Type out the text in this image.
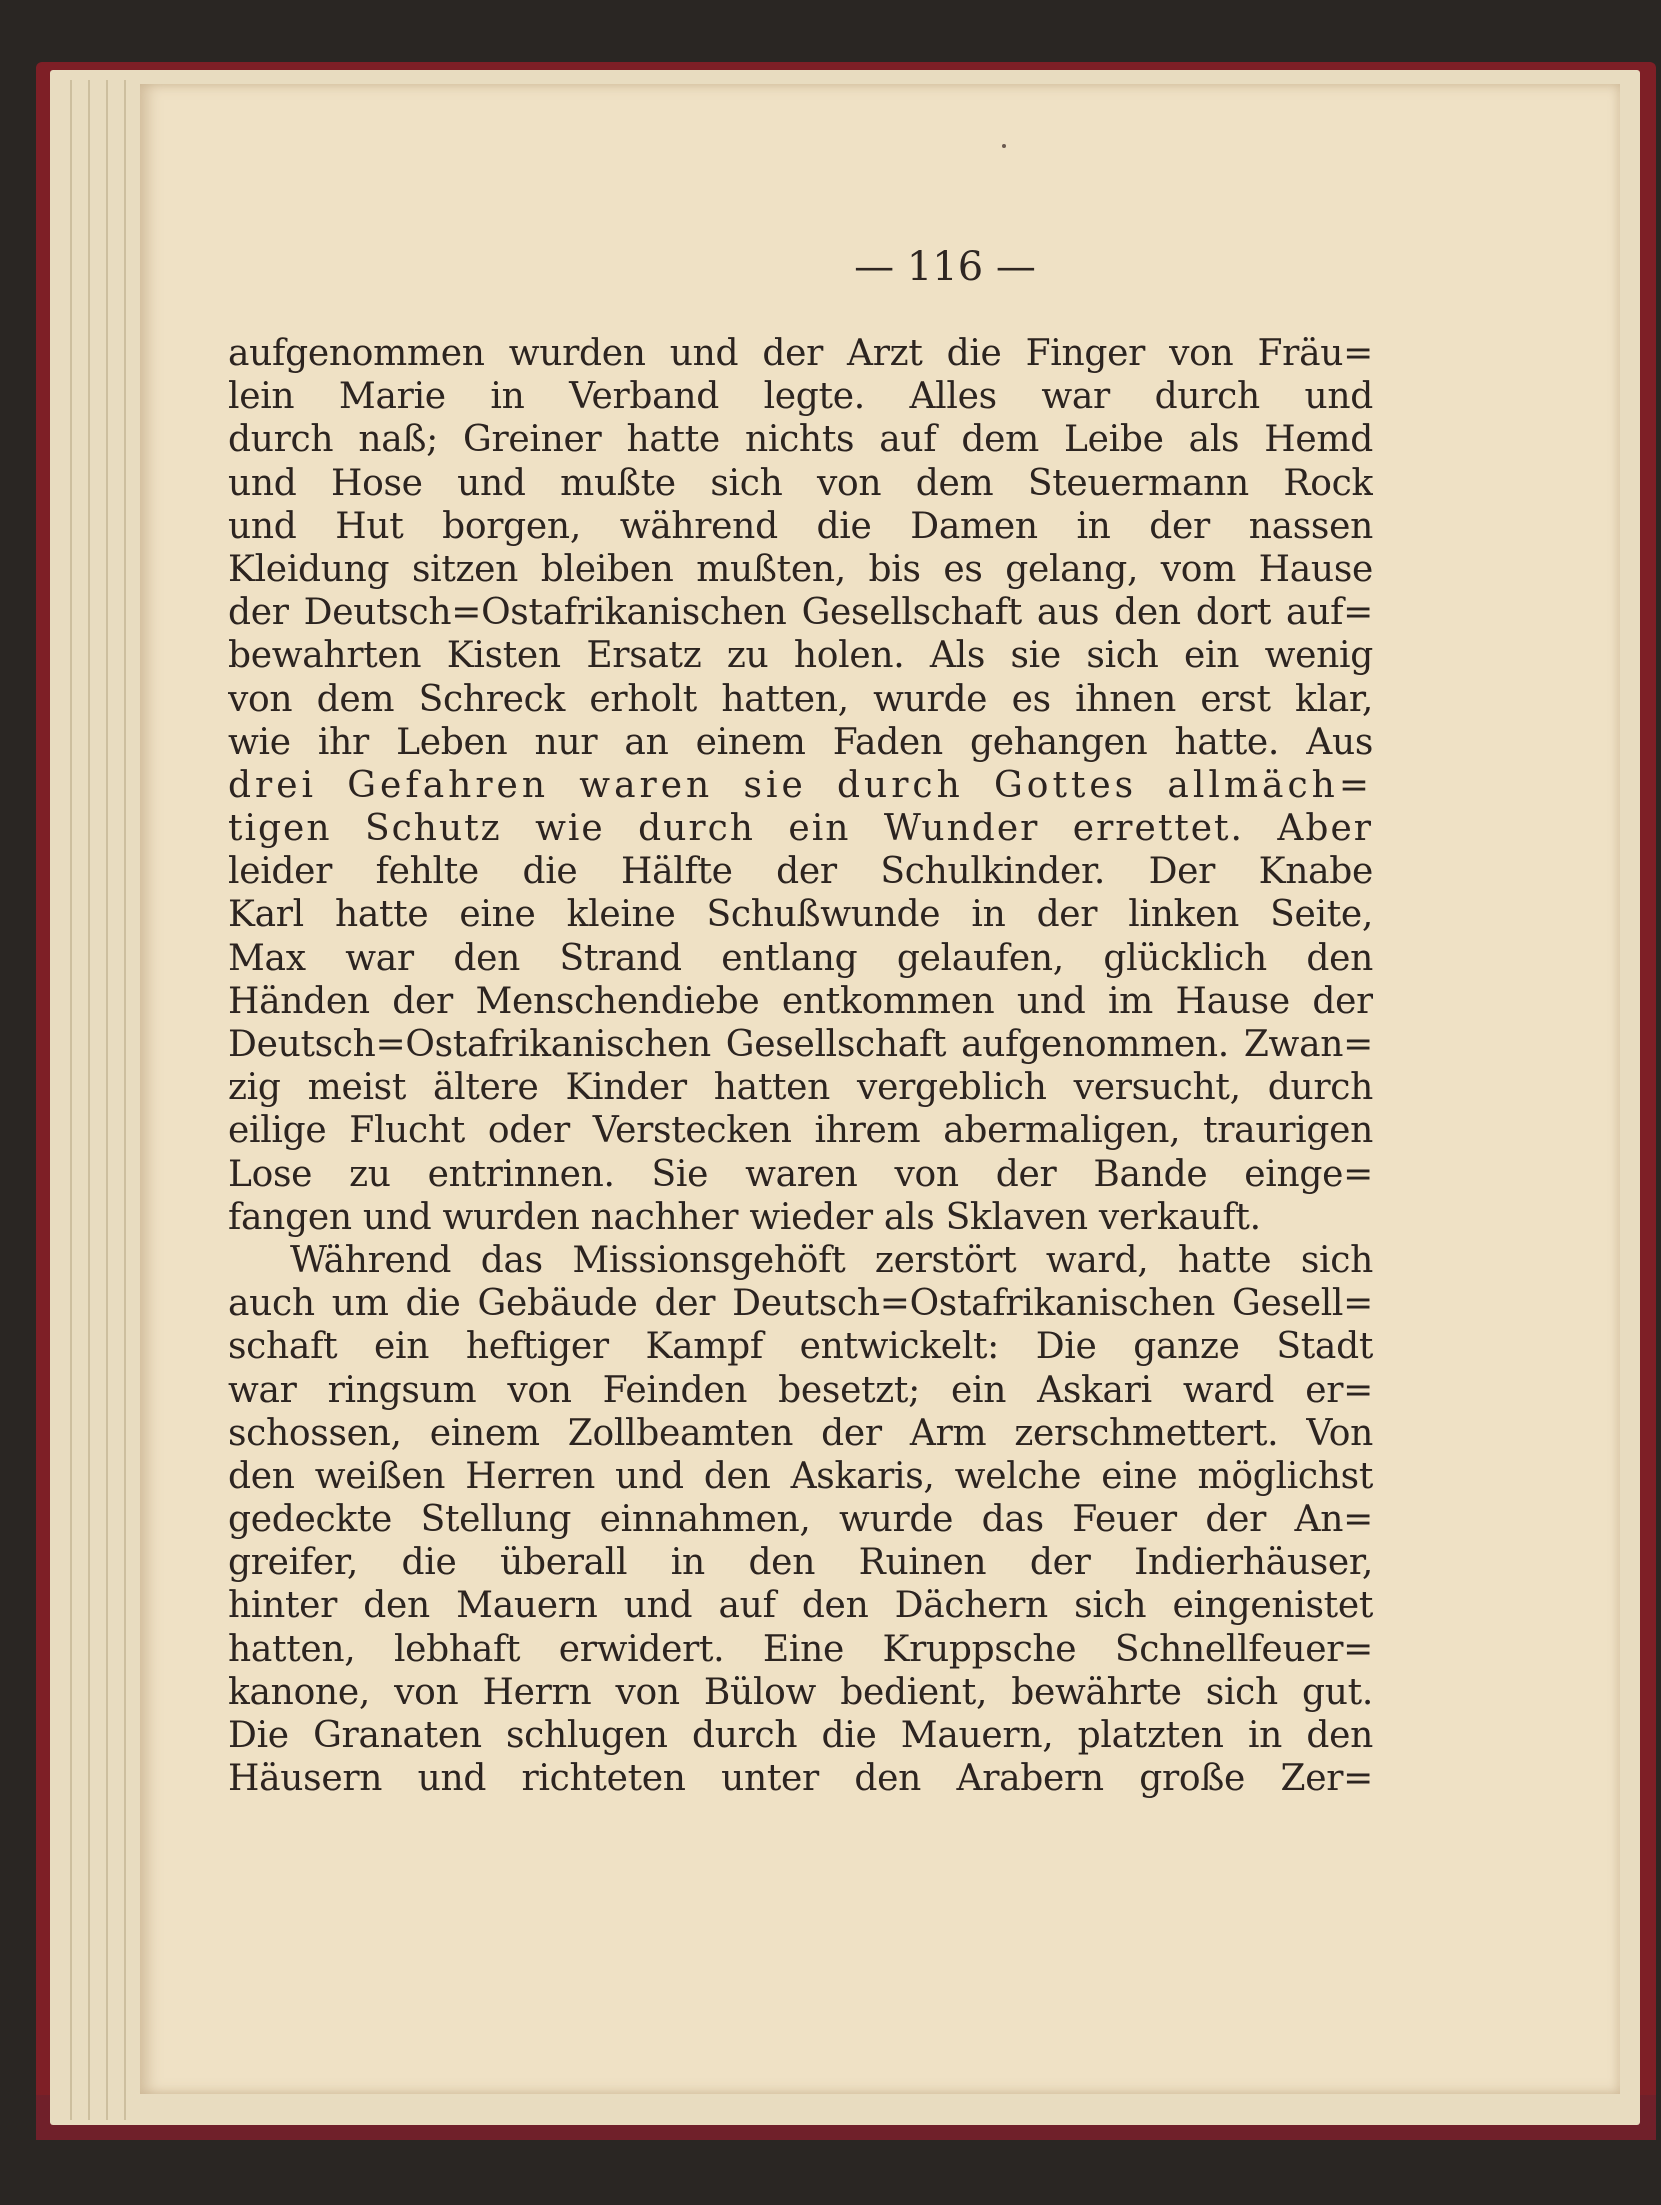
— 116 —
aufgenommen wurden und der Arzt die Finger von Fräu=
lein Marie in Verband legte. Alles war durch und
durch naß; Greiner hatte nichts auf dem Leibe als Hemd
und Hose und mußte sich von dem Steuermann Rock
und Hut borgen, während die Damen in der nassen
Kleidung sitzen bleiben mußten, bis es gelang, vom Hause
der Deutsch=Ostafrikanischen Gesellschaft aus den dort auf=
bewahrten Kisten Ersatz zu holen. Als sie sich ein wenig
von dem Schreck erholt hatten, wurde es ihnen erst klar,
wie ihr Leben nur an einem Faden gehangen hatte. Aus
drei Gefahren waren sie durch Gottes allmäch=
tigen Schutz wie durch ein Wunder errettet. Aber
leider fehlte die Hälfte der Schulkinder. Der Knabe
Karl hatte eine kleine Schußwunde in der linken Seite,
Max war den Strand entlang gelaufen, glücklich den
Händen der Menschendiebe entkommen und im Hause der
Deutsch=Ostafrikanischen Gesellschaft aufgenommen. Zwan=
zig meist ältere Kinder hatten vergeblich versucht, durch
eilige Flucht oder Verstecken ihrem abermaligen, traurigen
Lose zu entrinnen. Sie waren von der Bande einge=
fangen und wurden nachher wieder als Sklaven verkauft.
Während das Missionsgehöft zerstört ward, hatte sich
auch um die Gebäude der Deutsch=Ostafrikanischen Gesell=
schaft ein heftiger Kampf entwickelt: Die ganze Stadt
war ringsum von Feinden besetzt; ein Askari ward er=
schossen, einem Zollbeamten der Arm zerschmettert. Von
den weißen Herren und den Askaris, welche eine möglichst
gedeckte Stellung einnahmen, wurde das Feuer der An=
greifer, die überall in den Ruinen der Indierhäuser,
hinter den Mauern und auf den Dächern sich eingenistet
hatten, lebhaft erwidert. Eine Kruppsche Schnellfeuer=
kanone, von Herrn von Bülow bedient, bewährte sich gut.
Die Granaten schlugen durch die Mauern, platzten in den
Häusern und richteten unter den Arabern große Zer=
